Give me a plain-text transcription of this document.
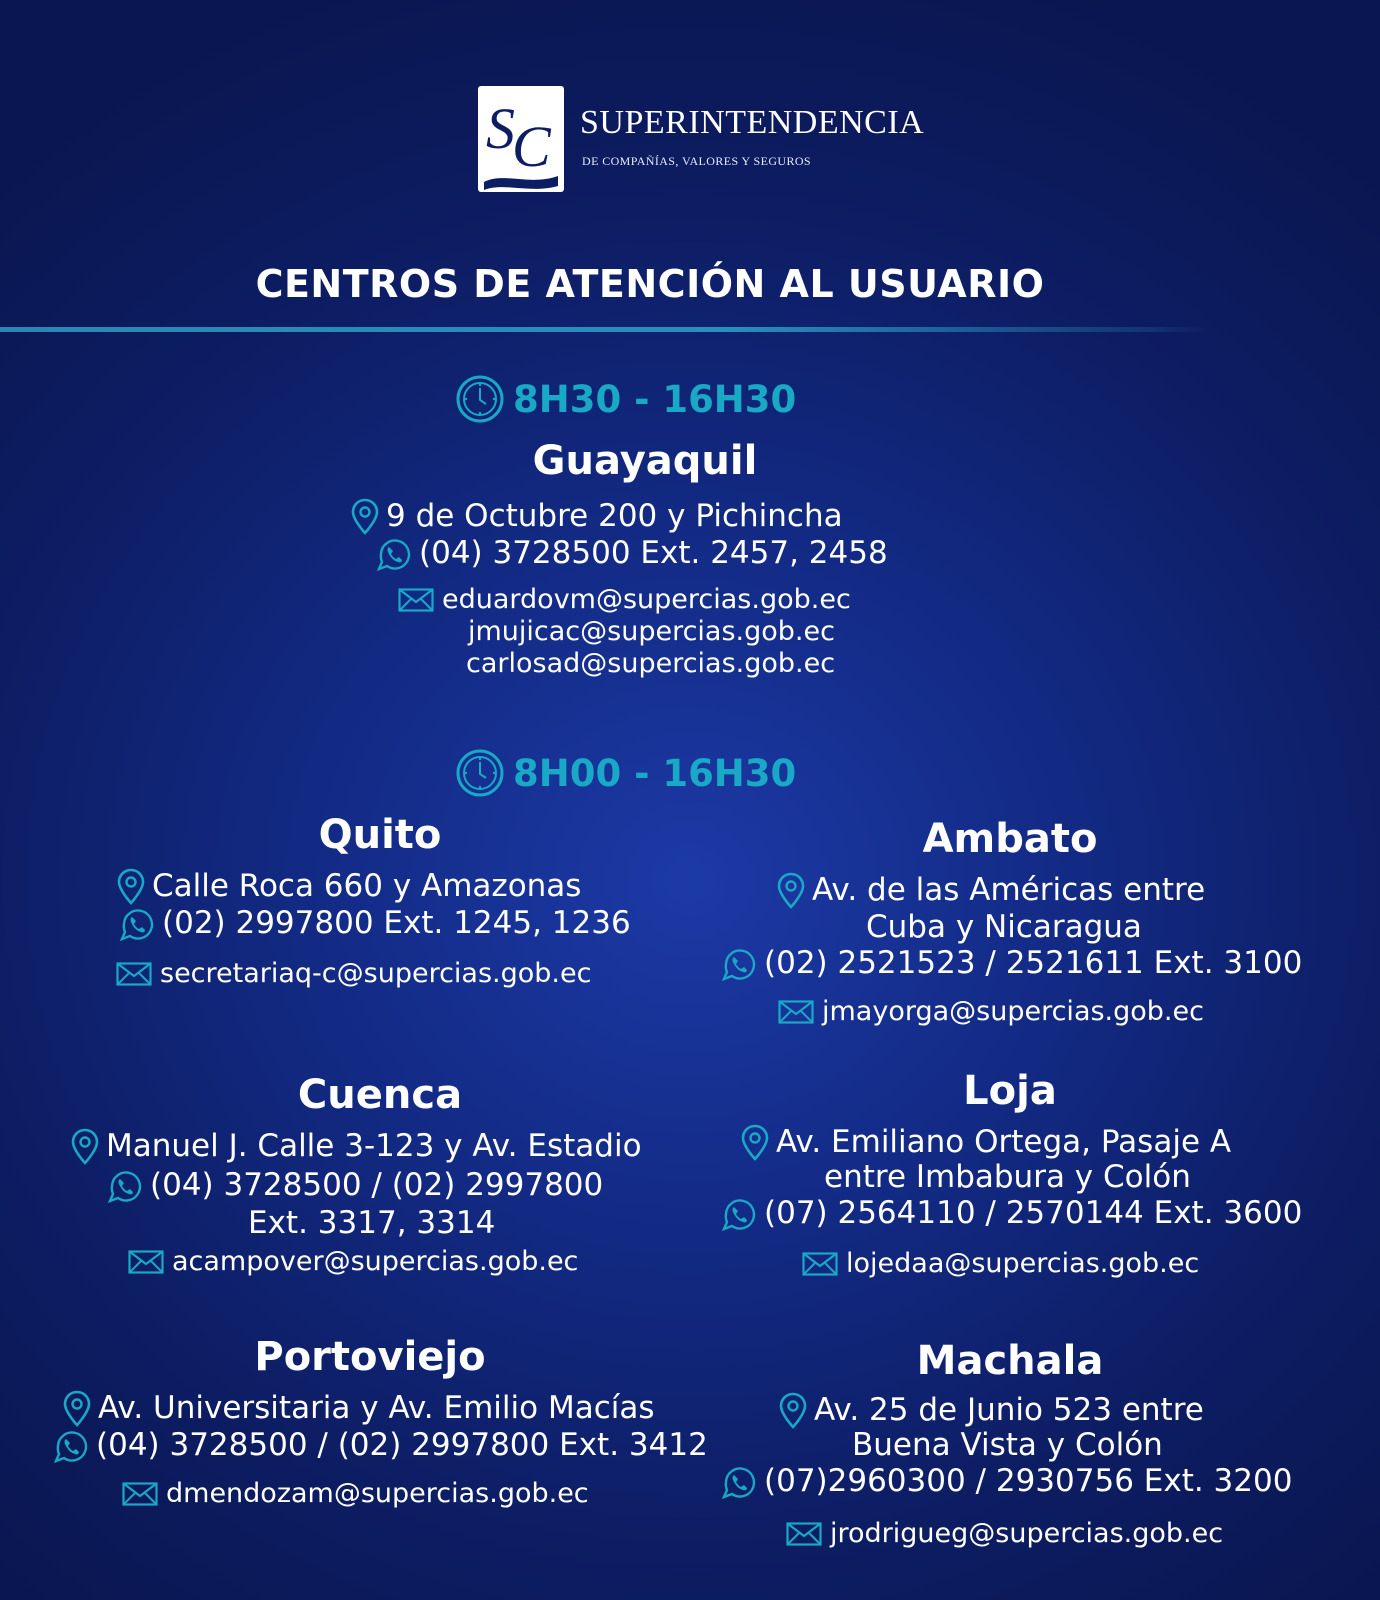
S
C SUPERINTENDENCIA
DE COMPAÑÍAS, VALORES Y SEGUROS
CENTROS DE ATENCIÓN AL USUARIO
8H30 - 16H30
Guayaquil
9 de Octubre 200 y Pichincha
(04) 3728500 Ext. 2457, 2458
eduardovm@supercias.gob.ec
jmujicac@supercias.gob.ec
carlosad@supercias.gob.ec
8H00 - 16H30
Quito
Calle Roca 660 y Amazonas
(02) 2997800 Ext. 1245, 1236
secretariaq-c@supercias.gob.ec
Ambato
Av. de las Américas entre
Cuba y Nicaragua
(02) 2521523 / 2521611 Ext. 3100
jmayorga@supercias.gob.ec
Cuenca
Manuel J. Calle 3-123 y Av. Estadio
(04) 3728500 / (02) 2997800
Ext. 3317, 3314
acampover@supercias.gob.ec
Loja
Av. Emiliano Ortega, Pasaje A
entre Imbabura y Colón
(07) 2564110 / 2570144 Ext. 3600
lojedaa@supercias.gob.ec
Portoviejo
Av. Universitaria y Av. Emilio Macías
(04) 3728500 / (02) 2997800 Ext. 3412
dmendozam@supercias.gob.ec
Machala
Av. 25 de Junio 523 entre
Buena Vista y Colón
(07)2960300 / 2930756 Ext. 3200
jrodrigueg@supercias.gob.ec
